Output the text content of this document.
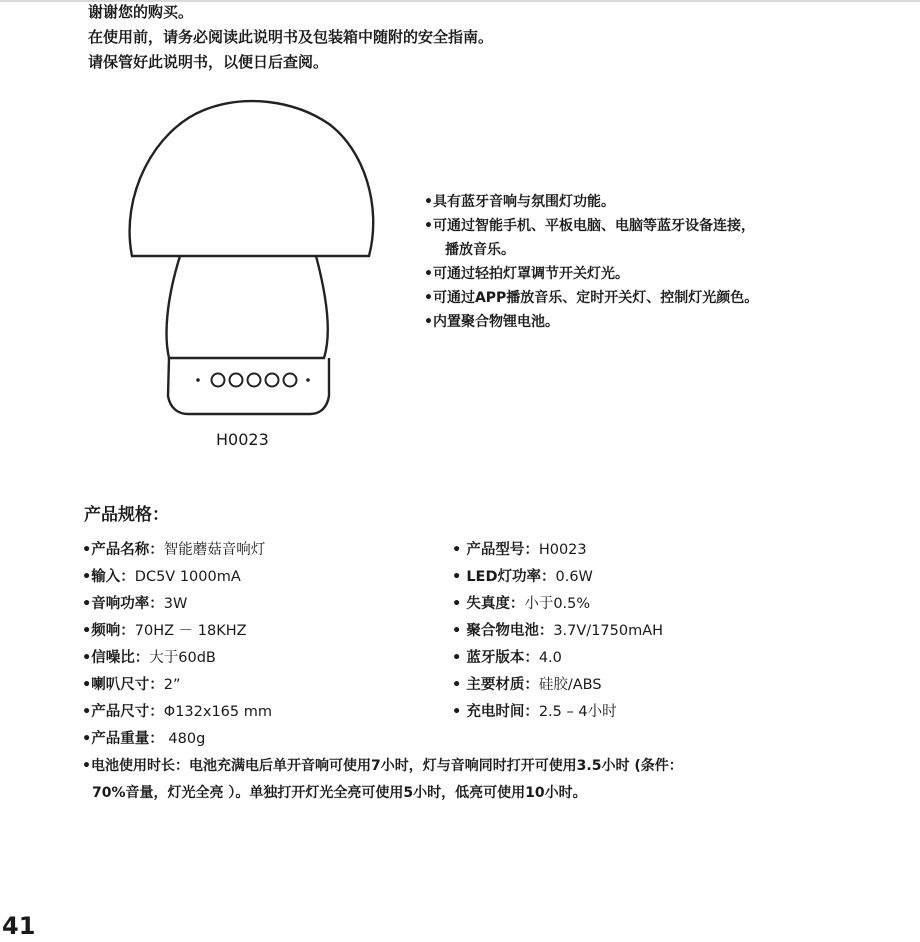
谢谢您的购买。
在使用前，请务必阅读此说明书及包装箱中随附的安全指南。
请保管好此说明书，以便日后查阅。
H0023
•具有蓝牙音响与氛围灯功能。
•可通过智能手机、平板电脑、电脑等蓝牙设备连接，
播放音乐。
•可通过轻拍灯罩调节开关灯光。
•可通过APP播放音乐、定时开关灯、控制灯光颜色。
•内置聚合物锂电池。
产品规格：
•产品名称：智能蘑菇音响灯
•输入：DC5V 1000mA
•音响功率：3W
•频响：70HZ － 18KHZ
•信噪比：大于60dB
•喇叭尺寸：2”
•产品尺寸：Φ132x165 mm
•产品重量： 480g
• 产品型号：H0023
• LED灯功率：0.6W
• 失真度：小于0.5%
• 聚合物电池：3.7V/1750mAH
• 蓝牙版本：4.0
• 主要材质：硅胶/ABS
• 充电时间：2.5 – 4小时
•电池使用时长：电池充满电后单开音响可使用7小时，灯与音响同时打开可使用3.5小时 (条件：
70%音量，灯光全亮 ）。单独打开灯光全亮可使用5小时，低亮可使用10小时。
41
